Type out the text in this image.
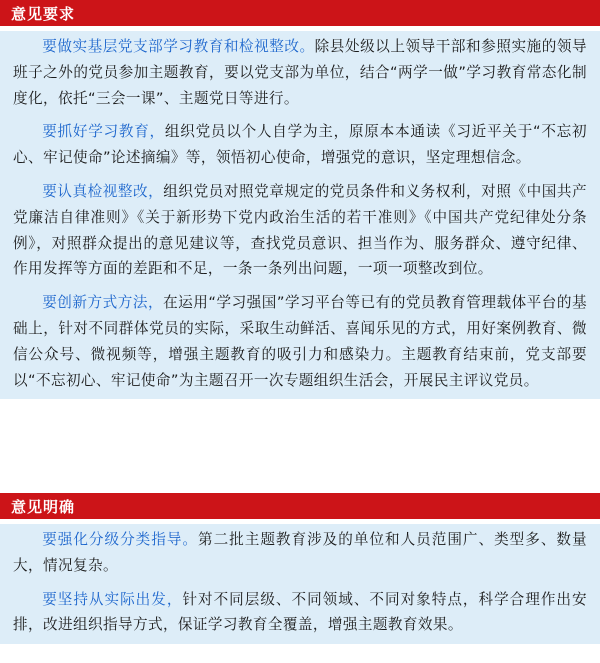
意见要求

要做实基层党支部学习教育和检视整改。除县处级以上领导干部和参照实施的领导班子之外的党员参加主题教育，要以党支部为单位，结合“两学一做”学习教育常态化制度化，依托“三会一课”、主题党日等进行。

要抓好学习教育，组织党员以个人自学为主，原原本本通读《习近平关于“不忘初心、牢记使命”论述摘编》等，领悟初心使命，增强党的意识，坚定理想信念。

要认真检视整改，组织党员对照党章规定的党员条件和义务权利，对照《中国共产党廉洁自律准则》《关于新形势下党内政治生活的若干准则》《中国共产党纪律处分条例》，对照群众提出的意见建议等，查找党员意识、担当作为、服务群众、遵守纪律、作用发挥等方面的差距和不足，一条一条列出问题，一项一项整改到位。

要创新方式方法，在运用“学习强国”学习平台等已有的党员教育管理载体平台的基础上，针对不同群体党员的实际，采取生动鲜活、喜闻乐见的方式，用好案例教育、微信公众号、微视频等，增强主题教育的吸引力和感染力。主题教育结束前，党支部要以“不忘初心、牢记使命”为主题召开一次专题组织生活会，开展民主评议党员。

意见明确

要强化分级分类指导。第二批主题教育涉及的单位和人员范围广、类型多、数量大，情况复杂。

要坚持从实际出发，针对不同层级、不同领域、不同对象特点，科学合理作出安排，改进组织指导方式，保证学习教育全覆盖，增强主题教育效果。
